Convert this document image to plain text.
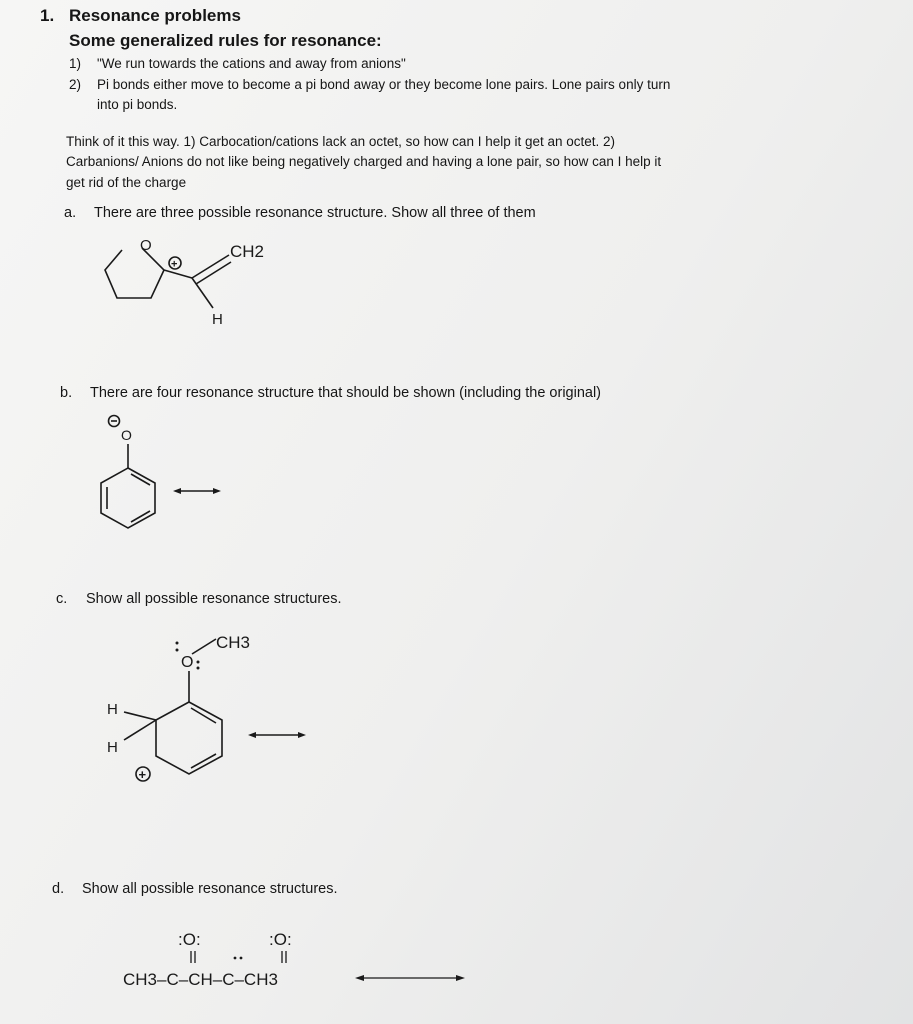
1. Resonance problems
Some generalized rules for resonance:
1) "We run towards the cations and away from anions"
2) Pi bonds either move to become a pi bond away or they become lone pairs. Lone pairs only turn
into pi bonds.
Think of it this way. 1) Carbocation/cations lack an octet, so how can I help it get an octet. 2)
Carbanions/ Anions do not like being negatively charged and having a lone pair, so how can I help it
get rid of the charge
a. There are three possible resonance structure. Show all three of them
O
+
CH2
H
b. There are four resonance structure that should be shown (including the original)
O
c. Show all possible resonance structures.
O
CH3
H
H
+
d. Show all possible resonance structures.
:O:	:O:
CH3–C–CH–C–CH3
